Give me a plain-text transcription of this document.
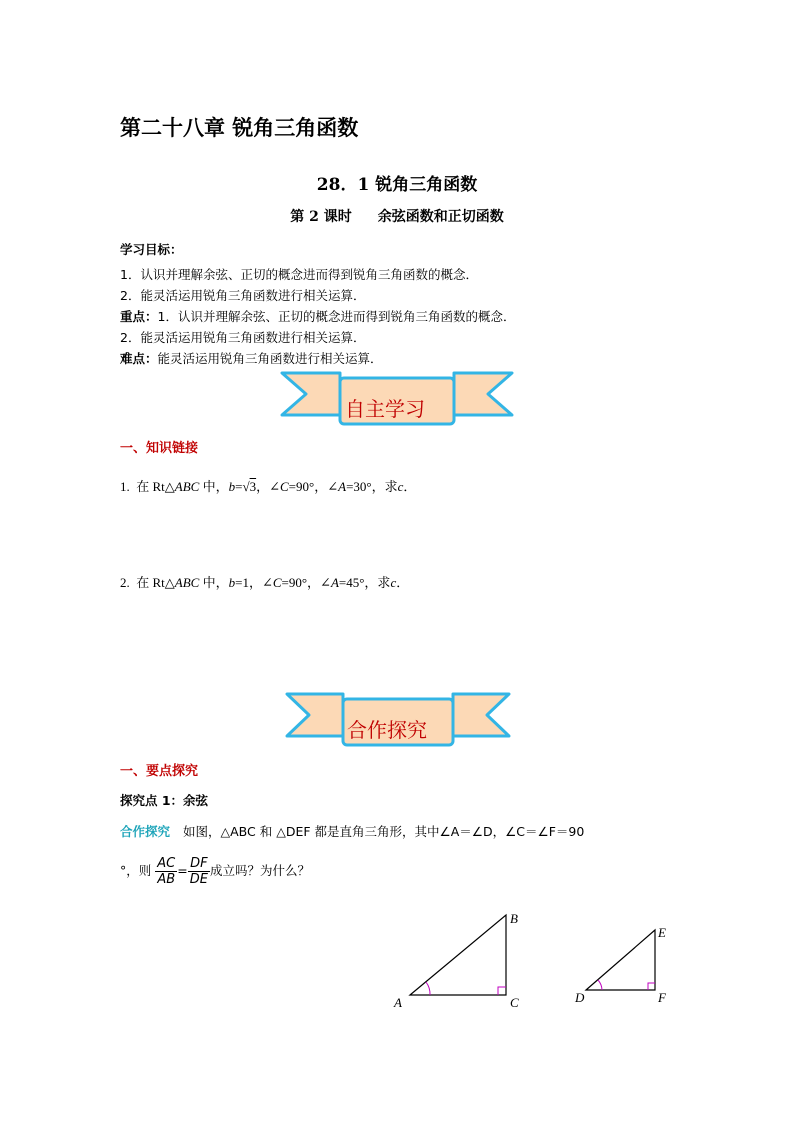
第二十八章 锐角三角函数
28．1 锐角三角函数
第 2 课时 余弦函数和正切函数
学习目标：
1．认识并理解余弦、正切的概念进而得到锐角三角函数的概念．
2．能灵活运用锐角三角函数进行相关运算．
重点：1．认识并理解余弦、正切的概念进而得到锐角三角函数的概念．
2．能灵活运用锐角三角函数进行相关运算．
难点：能灵活运用锐角三角函数进行相关运算．
自主学习
一、知识链接
1. 在 Rt△ABC 中，b=√3，∠C=90°，∠A=30°，求c．
2. 在 Rt△ABC 中，b=1，∠C=90°，∠A=45°，求c．
合作探究
一、要点探究
探究点 1：余弦
合作探究 如图，△ABC 和 △DEF 都是直角三角形，其中∠A＝∠D，∠C＝∠F＝90
°，则 $\frac{AC}{AB} = \frac{DF}{DE}$ 成立吗？为什么？
A
B
C	D
E
F
